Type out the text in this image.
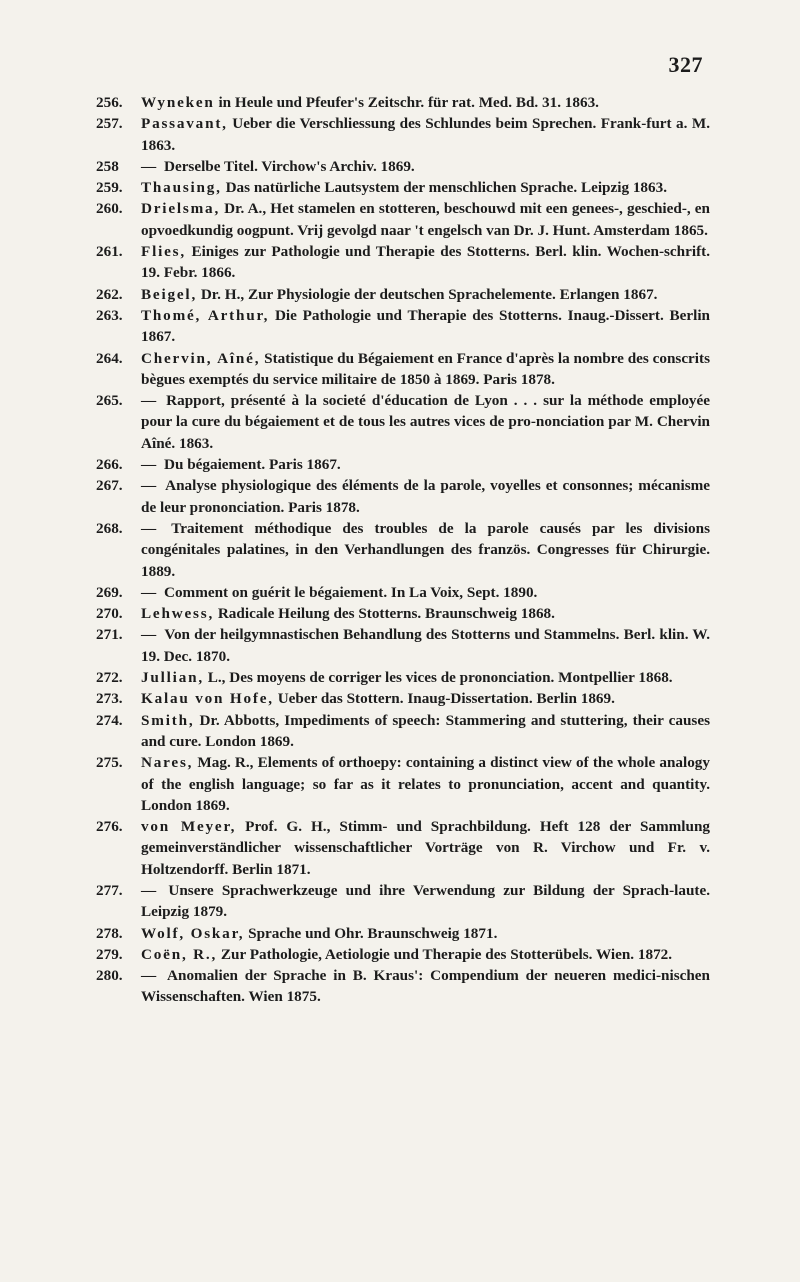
327

256.	Wyneken in Heule und Pfeufer's Zeitschr. für rat. Med. Bd. 31. 1863.

257.	Passavant, Ueber die Verschliessung des Schlundes beim Sprechen. Frank-furt a. M. 1863.

258	— Derselbe Titel. Virchow's Archiv. 1869.

259.	Thausing, Das natürliche Lautsystem der menschlichen Sprache. Leipzig 1863.

260.	Drielsma, Dr. A., Het stamelen en stotteren, beschouwd mit een genees-, geschied-, en opvoedkundig oogpunt. Vrij gevolgd naar 't engelsch van Dr. J. Hunt. Amsterdam 1865.

261.	Flies, Einiges zur Pathologie und Therapie des Stotterns. Berl. klin. Wochen-schrift. 19. Febr. 1866.

262.	Beigel, Dr. H., Zur Physiologie der deutschen Sprachelemente. Erlangen 1867.

263.	Thomé, Arthur, Die Pathologie und Therapie des Stotterns. Inaug.-Dissert. Berlin 1867.

264.	Chervin, Aîné, Statistique du Bégaiement en France d'après la nombre des conscrits bègues exemptés du service militaire de 1850 à 1869. Paris 1878.

265.	— Rapport, présenté à la societé d'éducation de Lyon . . . sur la méthode employée pour la cure du bégaiement et de tous les autres vices de pro-nonciation par M. Chervin Aîné. 1863.

266.	— Du bégaiement. Paris 1867.

267.	— Analyse physiologique des éléments de la parole, voyelles et consonnes; mécanisme de leur prononciation. Paris 1878.

268.	— Traitement méthodique des troubles de la parole causés par les divisions congénitales palatines, in den Verhandlungen des französ. Congresses für Chirurgie. 1889.

269.	— Comment on guérit le bégaiement. In La Voix, Sept. 1890.

270.	Lehwess, Radicale Heilung des Stotterns. Braunschweig 1868.

271.	— Von der heilgymnastischen Behandlung des Stotterns und Stammelns. Berl. klin. W. 19. Dec. 1870.

272.	Jullian, L., Des moyens de corriger les vices de prononciation. Montpellier 1868.

273.	Kalau von Hofe, Ueber das Stottern. Inaug-Dissertation. Berlin 1869.

274.	Smith, Dr. Abbotts, Impediments of speech: Stammering and stuttering, their causes and cure. London 1869.

275.	Nares, Mag. R., Elements of orthoepy: containing a distinct view of the whole analogy of the english language; so far as it relates to pronunciation, accent and quantity. London 1869.

276.	von Meyer, Prof. G. H., Stimm- und Sprachbildung. Heft 128 der Sammlung gemeinverständlicher wissenschaftlicher Vorträge von R. Virchow und Fr. v. Holtzendorff. Berlin 1871.

277.	— Unsere Sprachwerkzeuge und ihre Verwendung zur Bildung der Sprach-laute. Leipzig 1879.

278.	Wolf, Oskar, Sprache und Ohr. Braunschweig 1871.

279.	Coën, R., Zur Pathologie, Aetiologie und Therapie des Stotterübels. Wien. 1872.

280.	— Anomalien der Sprache in B. Kraus': Compendium der neueren medici-nischen Wissenschaften. Wien 1875.
